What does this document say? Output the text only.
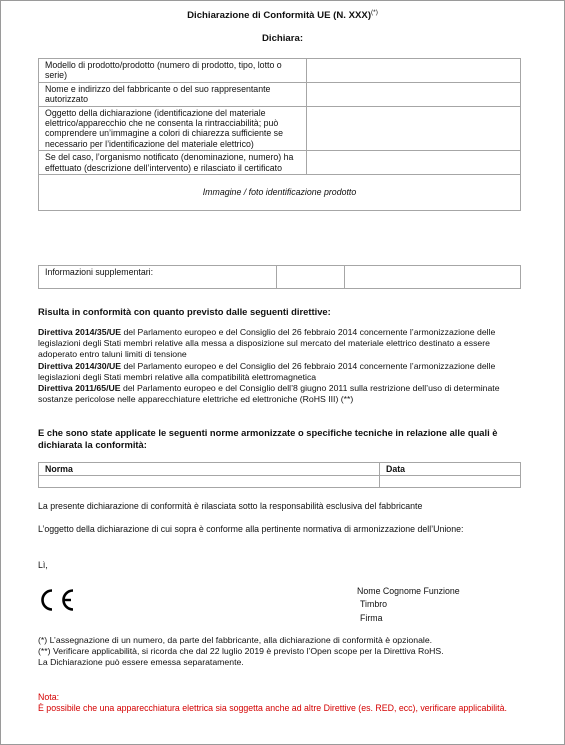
Dichiarazione di Conformità UE (N. XXX)(*)
Dichiara:
Modello di prodotto/prodotto (numero di prodotto, tipo, lotto o serie)	
Nome e indirizzo del fabbricante o del suo rappresentante autorizzato	
Oggetto della dichiarazione (identificazione del materiale elettrico/apparecchio che ne consenta la rintracciabilità; può comprendere un’immagine a colori di chiarezza sufficiente se necessario per l’identificazione del materiale elettrico)	
Se del caso, l’organismo notificato (denominazione, numero) ha effettuato (descrizione dell’intervento) e rilasciato il certificato	
Immagine / foto identificazione prodotto	
Informazioni supplementari:		
Risulta in conformità con quanto previsto dalle seguenti direttive:
Direttiva 2014/35/UE del Parlamento europeo e del Consiglio del 26 febbraio 2014 concernente l’armonizzazione delle legislazioni degli Stati membri relative alla messa a disposizione sul mercato del materiale elettrico destinato a essere adoperato entro taluni limiti di tensione
Direttiva 2014/30/UE del Parlamento europeo e del Consiglio del 26 febbraio 2014 concernente l’armonizzazione delle legislazioni degli Stati membri relative alla compatibilità elettromagnetica
Direttiva 2011/65/UE del Parlamento europeo e del Consiglio dell’8 giugno 2011 sulla restrizione dell’uso di determinate sostanze pericolose nelle apparecchiature elettriche ed elettroniche (RoHS III) (**)
E che sono state applicate le seguenti norme armonizzate o specifiche tecniche in relazione alle quali è dichiarata la conformità:
Norma	Data

La presente dichiarazione di conformità è rilasciata sotto la responsabilità esclusiva del fabbricante
L’oggetto della dichiarazione di cui sopra è conforme alla pertinente normativa di armonizzazione dell’Unione:
Lì,
Nome Cognome Funzione
Timbro
Firma
(*) L’assegnazione di un numero, da parte del fabbricante, alla dichiarazione di conformità è opzionale.
(**) Verificare applicabilità, si ricorda che dal 22 luglio 2019 è previsto l’Open scope per la Direttiva RoHS.
La Dichiarazione può essere emessa separatamente.
Nota:
È possibile che una apparecchiatura elettrica sia soggetta anche ad altre Direttive (es. RED, ecc), verificare applicabilità.
